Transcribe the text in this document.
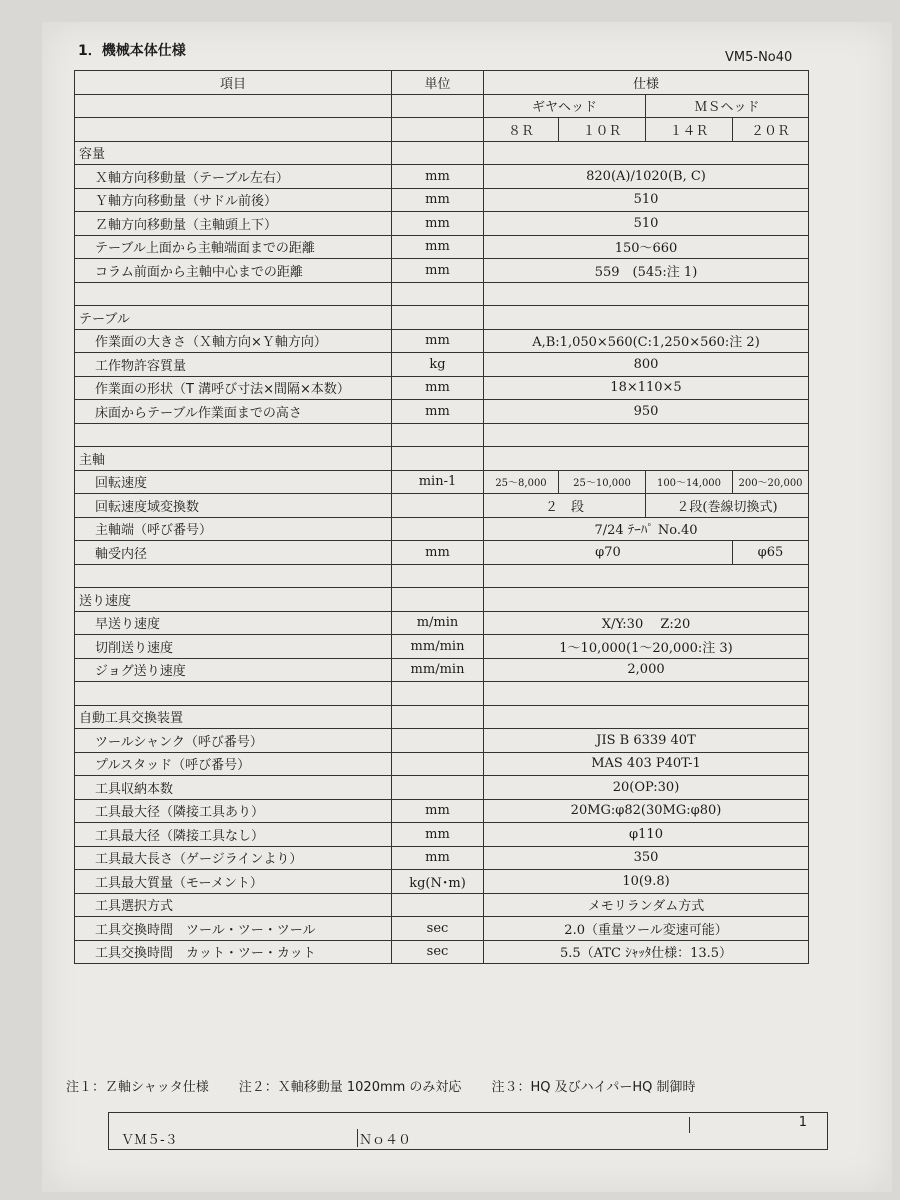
1．機械本体仕様	VM5-No40
項目	単位	仕様			
		ギヤヘッド		ＭＳヘッド	
		８Ｒ	１０Ｒ	１４Ｒ	２０Ｒ
容量					
Ｘ軸方向移動量（テーブル左右）	mm	820(A)/1020(B, C)			
Ｙ軸方向移動量（サドル前後）	mm	510			
Ｚ軸方向移動量（主軸頭上下）	mm	510			
テーブル上面から主軸端面までの距離	mm	150～660			
コラム前面から主軸中心までの距離	mm	559　(545:注 1)			

テーブル					
作業面の大きさ（Ｘ軸方向×Ｙ軸方向）	mm	A,B:1,050×560(C:1,250×560:注 2)			
工作物許容質量	kg	800			
作業面の形状（T 溝呼び寸法×間隔×本数）	mm	18×110×5			
床面からテーブル作業面までの高さ	mm	950			

主軸					
回転速度	min-1	25～8,000	25～10,000	100～14,000	200～20,000
回転速度域変換数		２　段		２段(巻線切換式)	
主軸端（呼び番号）		7/24 ﾃｰﾊﾟ No.40			
軸受内径	mm	φ70			φ65

送り速度					
早送り速度	m/min	X/Y:30　 Z:20			
切削送り速度	mm/min	1～10,000(1～20,000:注 3)			
ジョグ送り速度	mm/min	2,000			

自動工具交換装置					
ツールシャンク（呼び番号）		JIS B 6339 40T			
プルスタッド（呼び番号）		MAS 403 P40T-1			
工具収納本数		20(OP:30)			
工具最大径（隣接工具あり）	mm	20MG:φ82(30MG:φ80)			
工具最大径（隣接工具なし）	mm	φ110			
工具最大長さ（ゲージラインより）	mm	350			
工具最大質量（モーメント）	kg(N･m)	10(9.8)			
工具選択方式		メモリランダム方式			
工具交換時間　ツール・ツー・ツール	sec	2.0（重量ツール変速可能）			
工具交換時間　カット・ツー・カット	sec	5.5（ATC ｼｬｯﾀ仕様：13.5）			
注１：Ｚ軸シャッタ仕様 注２：Ｘ軸移動量 1020mm のみ対応 注３：HQ 及びハイパーHQ 制御時
ＶＭ５-３	Ｎｏ４０
1
